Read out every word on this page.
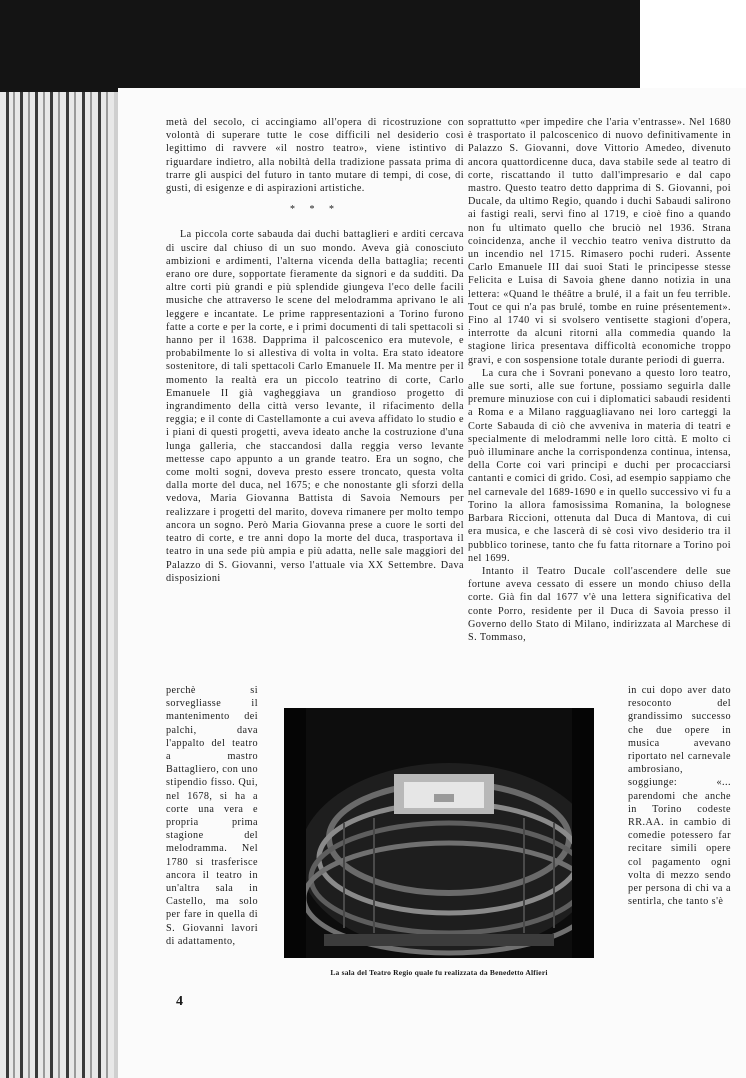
metà del secolo, ci accingiamo all'opera di ricostruzione con volontà di superare tutte le cose difficili nel desiderio così legittimo di ravvere «il nostro teatro», viene istintivo di riguardare indietro, alla nobiltà della tradizione passata prima di trarre gli auspici del futuro in tanto mutare di tempi, di cose, di gusti, di esigenze e di aspirazioni artistiche.

* * *

La piccola corte sabauda dai duchi battaglieri e arditi cercava di uscire dal chiuso di un suo mondo. Aveva già conosciuto ambizioni e ardimenti, l'alterna vicenda della battaglia; recenti erano ore dure, sopportate fieramente da signori e da sudditi. Da altre corti più grandi e più splendide giungeva l'eco delle facili musiche che attraverso le scene del melodramma aprivano le ali leggere e incantate. Le prime rappresentazioni a Torino furono fatte a corte e per la corte, e i primi documenti di tali spettacoli si hanno per il 1638. Dapprima il palcoscenico era mutevole, e probabilmente lo si allestiva di volta in volta. Era stato ideatore sostenitore, di tali spettacoli Carlo Emanuele II. Ma mentre per il momento la realtà era un piccolo teatrino di corte, Carlo Emanuele II già vagheggiava un grandioso progetto di ingrandimento della città verso levante, il rifacimento della reggia; e il conte di Castellamonte a cui aveva affidato lo studio e i piani di questi progetti, aveva ideato anche la costruzione d'una lunga galleria, che staccandosi dalla reggia verso levante mettesse capo appunto a un grande teatro. Era un sogno, che come molti sogni, doveva presto essere troncato, questa volta dalla morte del duca, nel 1675; e che nonostante gli sforzi della vedova, Maria Giovanna Battista di Savoia Nemours per realizzare i progetti del marito, doveva rimanere per molto tempo ancora un sogno. Però Maria Giovanna prese a cuore le sorti del teatro di corte, e tre anni dopo la morte del duca, trasportava il teatro in una sede più ampia e più adatta, nelle sale maggiori del Palazzo di S. Giovanni, verso l'attuale via XX Settembre. Dava disposizioni

perchè si sorvegliasse il mantenimento dei palchi, dava l'appalto del teatro a mastro Battagliero, con uno stipendio fisso. Qui, nel 1678, si ha a corte una vera e propria prima stagione del melodramma. Nel 1780 si trasferisce ancora il teatro in un'altra sala in Castello, ma solo per fare in quella di S. Giovanni lavori di adattamento,

soprattutto «per impedire che l'aria v'entrasse». Nel 1680 è trasportato il palcoscenico di nuovo definitivamente in Palazzo S. Giovanni, dove Vittorio Amedeo, divenuto ancora quattordicenne duca, dava stabile sede al teatro di corte, riscattando il tutto dall'impresario e dal capo mastro. Questo teatro detto dapprima di S. Giovanni, poi Ducale, da ultimo Regio, quando i duchi Sabaudi salirono ai fastigi reali, servì fino al 1719, e cioè fino a quando non fu ultimato quello che bruciò nel 1936. Strana coincidenza, anche il vecchio teatro veniva distrutto da un incendio nel 1715. Rimasero pochi ruderi. Assente Carlo Emanuele III dai suoi Stati le principesse stesse Felicita e Luisa di Savoia ghene danno notizia in una lettera: «Quand le théâtre a brulé, il a fait un feu terrible. Tout ce qui n'a pas brulé, tombe en ruine présentement». Fino al 1740 vi si svolsero ventisette stagioni d'opera, interrotte da alcuni ritorni alla commedia quando la stagione lirica presentava difficoltà economiche troppo gravi, e con sospensione totale durante periodi di guerra.

La cura che i Sovrani ponevano a questo loro teatro, alle sue sorti, alle sue fortune, possiamo seguirla dalle premure minuziose con cui i diplomatici sabaudi residenti a Roma e a Milano ragguagliavano nei loro carteggi la Corte Sabauda di ciò che avveniva in materia di teatri e specialmente di melodrammi nelle loro città. E molto ci può illuminare anche la corrispondenza continua, intensa, della Corte coi vari principi e duchi per procacciarsi cantanti e comici di grido. Così, ad esempio sappiamo che nel carnevale del 1689-1690 e in quello successivo vi fu a Torino la allora famosissima Romanina, la bolognese Barbara Riccioni, ottenuta dal Duca di Mantova, di cui era musica, e che lascerà di sè così vivo desiderio tra il pubblico torinese, tanto che fu fatta ritornare a Torino poi nel 1699.

Intanto il Teatro Ducale coll'ascendere delle sue fortune aveva cessato di essere un mondo chiuso della corte. Già fin dal 1677 v'è una lettera significativa del conte Porro, residente per il Duca di Savoia presso il Governo dello Stato di Milano, indirizzata al Marchese di S. Tommaso,

in cui dopo aver dato resoconto del grandissimo successo che due opere in musica avevano riportato nel carnevale ambrosiano, soggiunge: «... parendomi che anche in Torino codeste RR.AA. in cambio di comedie potessero far recitare simili opere col pagamento ogni volta di mezzo sendo per persona di chi va a sentirla, che tanto s'è

La sala del Teatro Regio quale fu realizzata da Benedetto Alfieri
4
